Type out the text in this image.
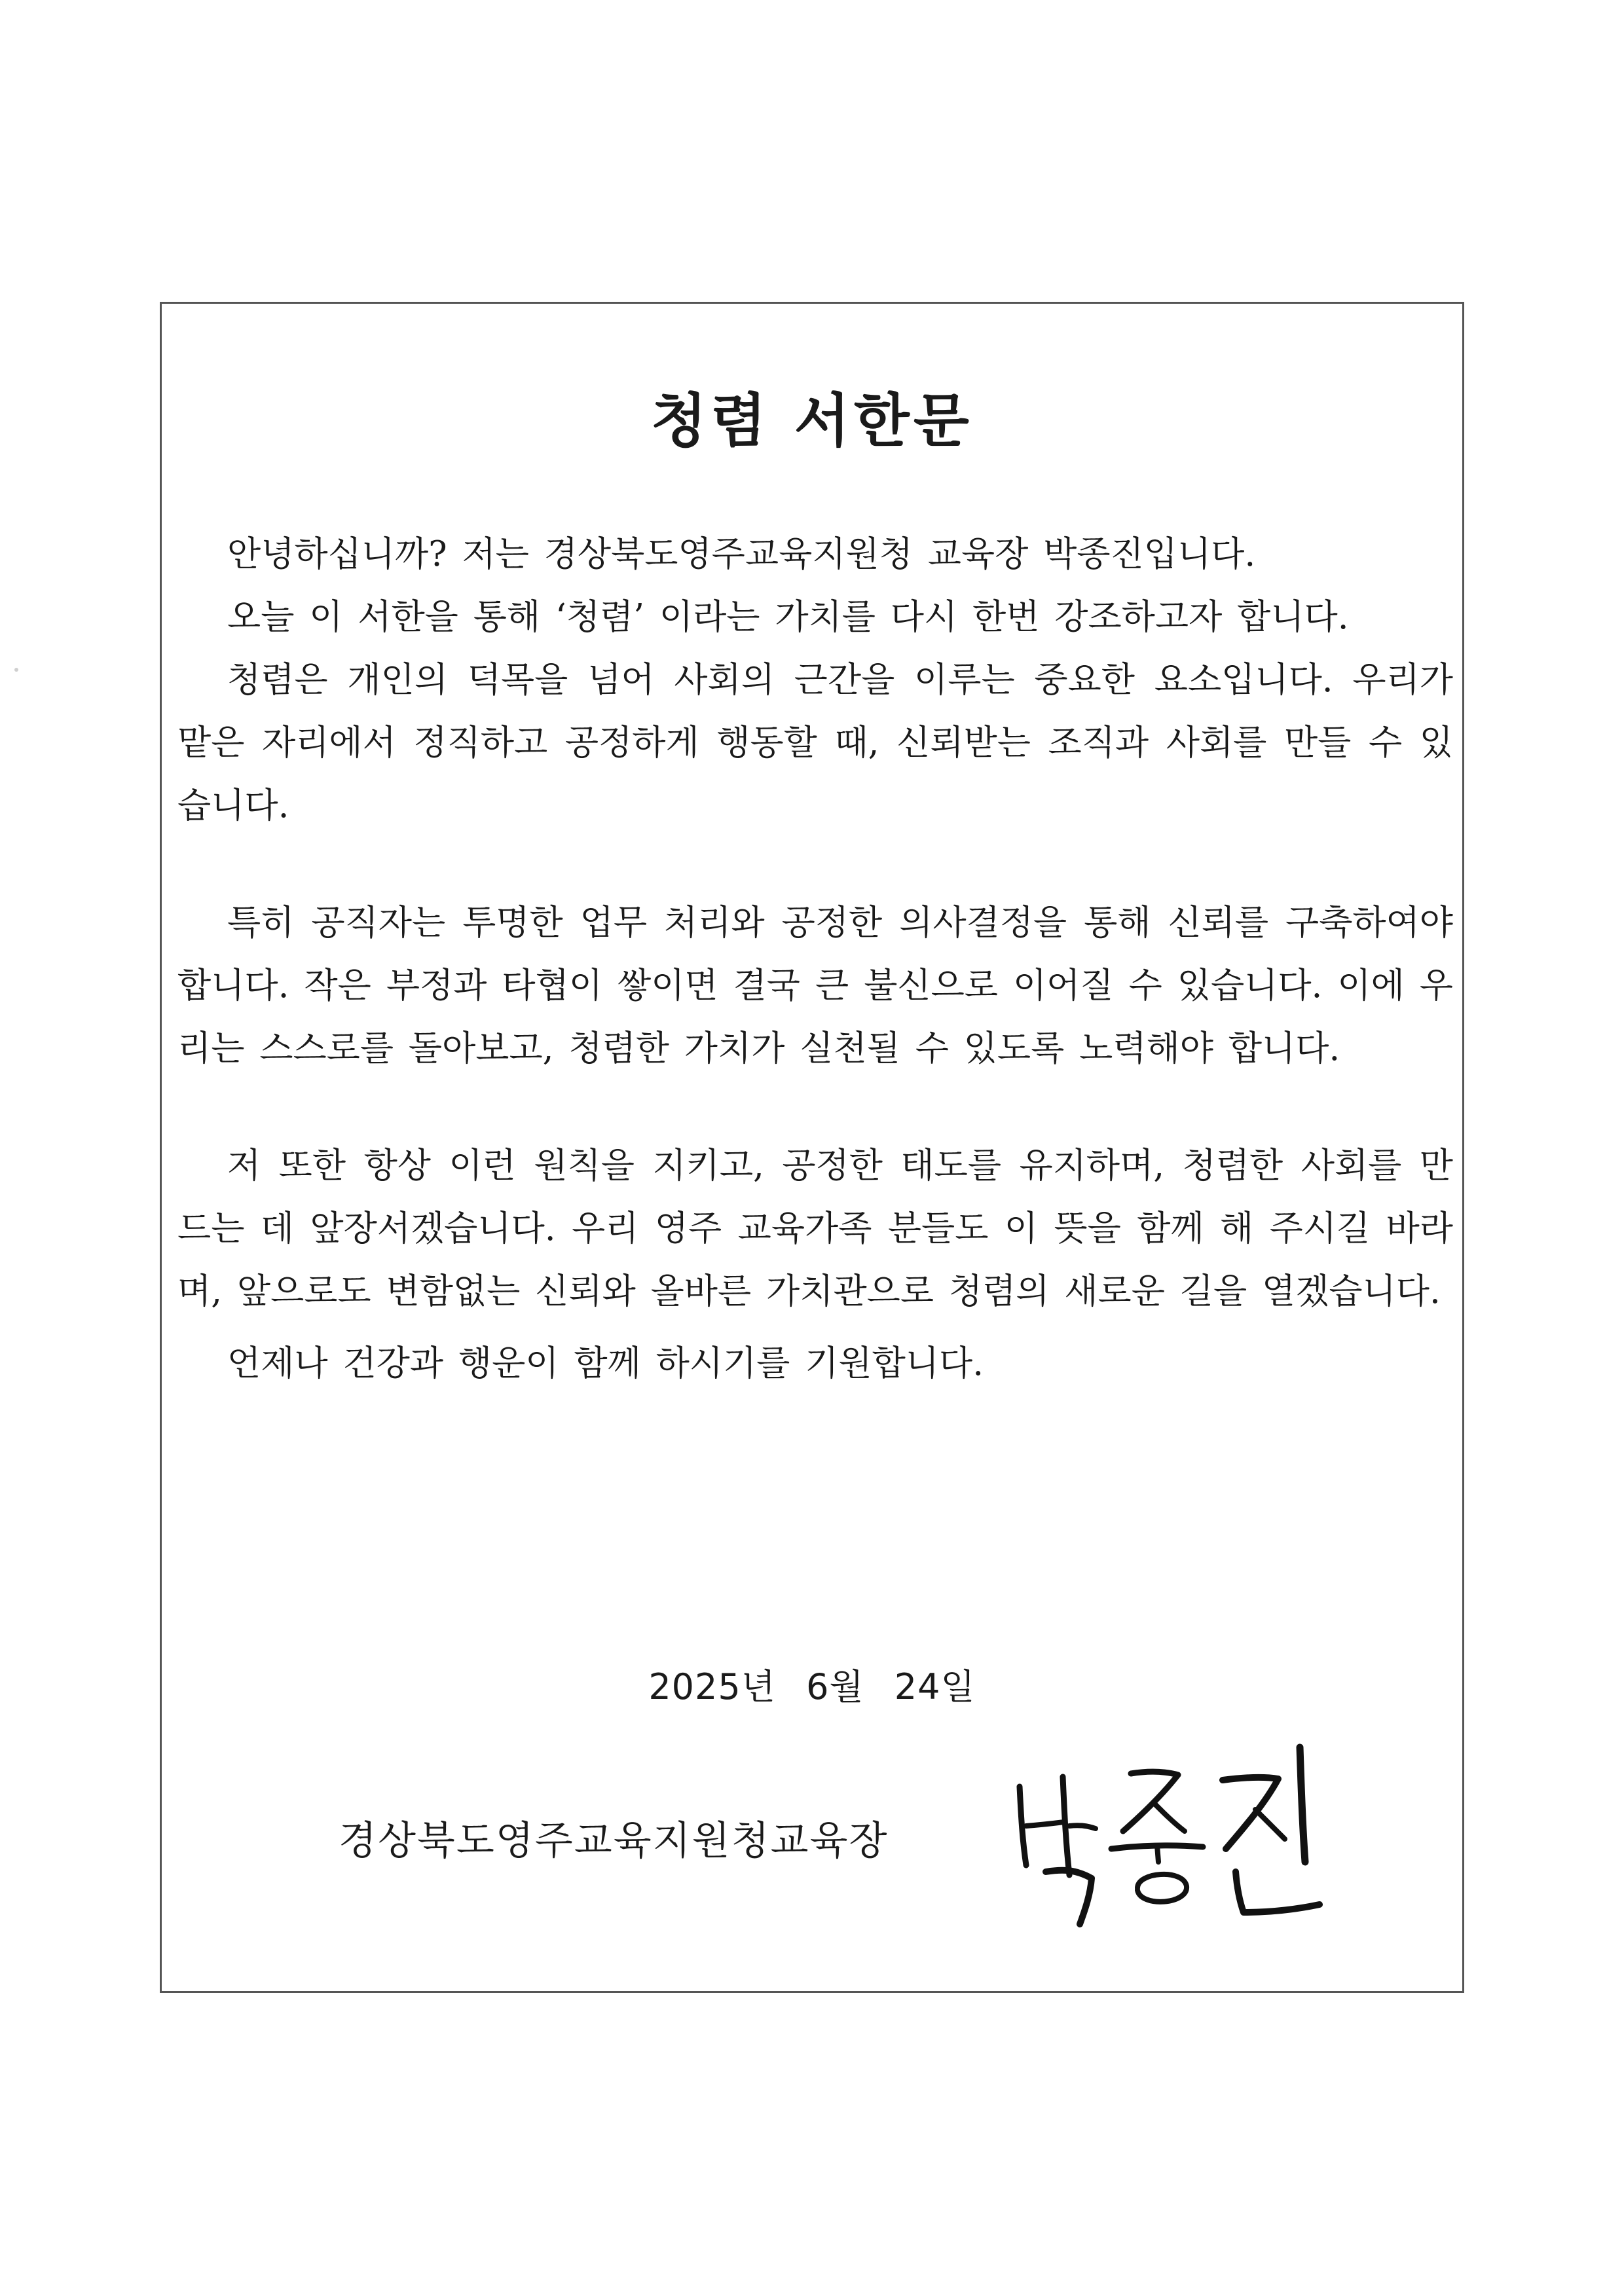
청렴 서한문

안녕하십니까? 저는 경상북도영주교육지원청 교육장 박종진입니다.

오늘 이 서한을 통해 ‘청렴’ 이라는 가치를 다시 한번 강조하고자 합니다.

청렴은 개인의 덕목을 넘어 사회의 근간을 이루는 중요한 요소입니다. 우리가 맡은 자리에서 정직하고 공정하게 행동할 때, 신뢰받는 조직과 사회를 만들 수 있습니다.

특히 공직자는 투명한 업무 처리와 공정한 의사결정을 통해 신뢰를 구축하여야 합니다. 작은 부정과 타협이 쌓이면 결국 큰 불신으로 이어질 수 있습니다. 이에 우리는 스스로를 돌아보고, 청렴한 가치가 실천될 수 있도록 노력해야 합니다.

저 또한 항상 이런 원칙을 지키고, 공정한 태도를 유지하며, 청렴한 사회를 만드는 데 앞장서겠습니다. 우리 영주 교육가족 분들도 이 뜻을 함께 해 주시길 바라며, 앞으로도 변함없는 신뢰와 올바른 가치관으로 청렴의 새로운 길을 열겠습니다.

언제나 건강과 행운이 함께 하시기를 기원합니다.

2025년 6월 24일
경상북도영주교육지원청교육장
